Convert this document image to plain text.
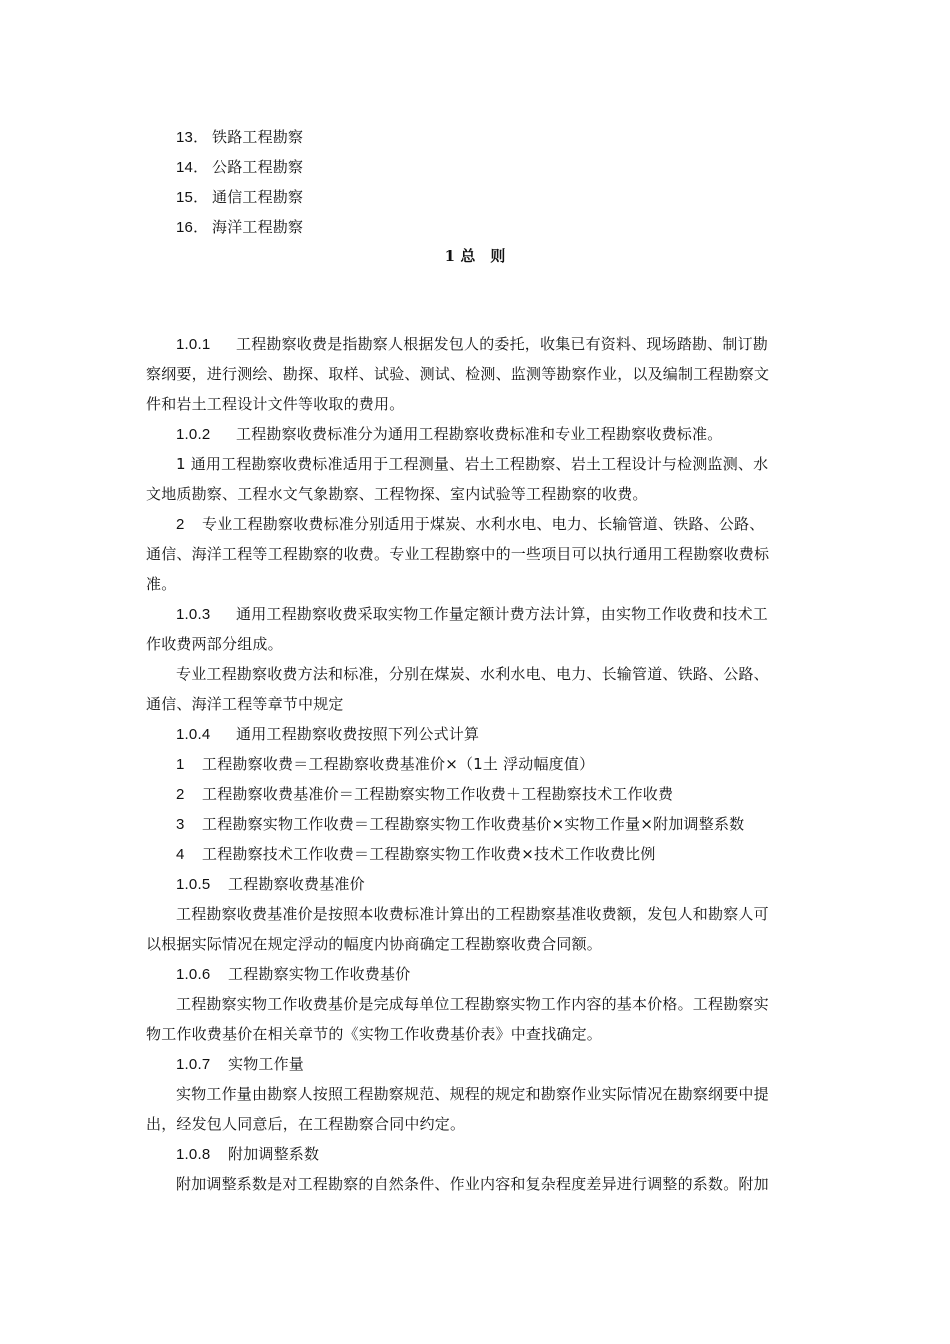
13． 铁路工程勘察
14． 公路工程勘察
15． 通信工程勘察
16． 海洋工程勘察
1 总　则
1.0.1 工程勘察收费是指勘察人根据发包人的委托，收集已有资料、现场踏勘、制订勘
察纲要，进行测绘、勘探、取样、试验、测试、检测、监测等勘察作业，以及编制工程勘察文
件和岩土工程设计文件等收取的费用。
1.0.2 工程勘察收费标准分为通用工程勘察收费标准和专业工程勘察收费标准。
1 通用工程勘察收费标准适用于工程测量、岩土工程勘察、岩土工程设计与检测监测、水
文地质勘察、工程水文气象勘察、工程物探、室内试验等工程勘察的收费。
2 专业工程勘察收费标准分别适用于煤炭、水利水电、电力、长输管道、铁路、公路、
通信、海洋工程等工程勘察的收费。专业工程勘察中的一些项目可以执行通用工程勘察收费标
准。
1.0.3 通用工程勘察收费采取实物工作量定额计费方法计算，由实物工作收费和技术工
作收费两部分组成。
专业工程勘察收费方法和标准，分别在煤炭、水利水电、电力、长输管道、铁路、公路、
通信、海洋工程等章节中规定
1.0.4 通用工程勘察收费按照下列公式计算
1 工程勘察收费＝工程勘察收费基准价×（1土 浮动幅度值）
2 工程勘察收费基准价＝工程勘察实物工作收费＋工程勘察技术工作收费
3 工程勘察实物工作收费＝工程勘察实物工作收费基价×实物工作量×附加调整系数
4 工程勘察技术工作收费＝工程勘察实物工作收费×技术工作收费比例
1.0.5 工程勘察收费基准价
工程勘察收费基准价是按照本收费标准计算出的工程勘察基准收费额，发包人和勘察人可
以根据实际情况在规定浮动的幅度内协商确定工程勘察收费合同额。
1.0.6 工程勘察实物工作收费基价
工程勘察实物工作收费基价是完成每单位工程勘察实物工作内容的基本价格。工程勘察实
物工作收费基价在相关章节的《实物工作收费基价表》中查找确定。
1.0.7 实物工作量
实物工作量由勘察人按照工程勘察规范、规程的规定和勘察作业实际情况在勘察纲要中提
出，经发包人同意后，在工程勘察合同中约定。
1.0.8 附加调整系数
附加调整系数是对工程勘察的自然条件、作业内容和复杂程度差异进行调整的系数。附加
